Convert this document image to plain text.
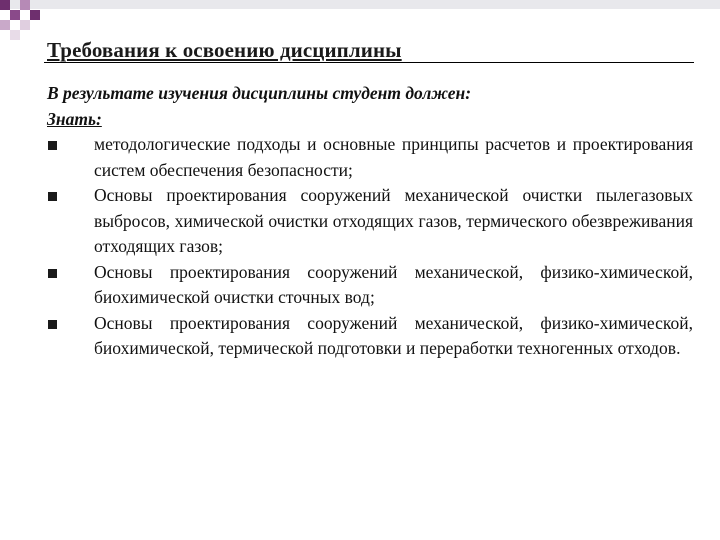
Требования к освоению дисциплины
В результате изучения дисциплины студент должен:
Знать:
методологические подходы и основные принципы расчетов и проектирования систем обеспечения безопасности;
Основы проектирования сооружений механической очистки пылегазовых выбросов, химической очистки отходящих газов, термического обезвреживания отходящих газов;
Основы проектирования сооружений механической, физико-химической, биохимической очистки сточных вод;
Основы проектирования сооружений механической, физико-химической, биохимической, термической подготовки и переработки техногенных отходов.
